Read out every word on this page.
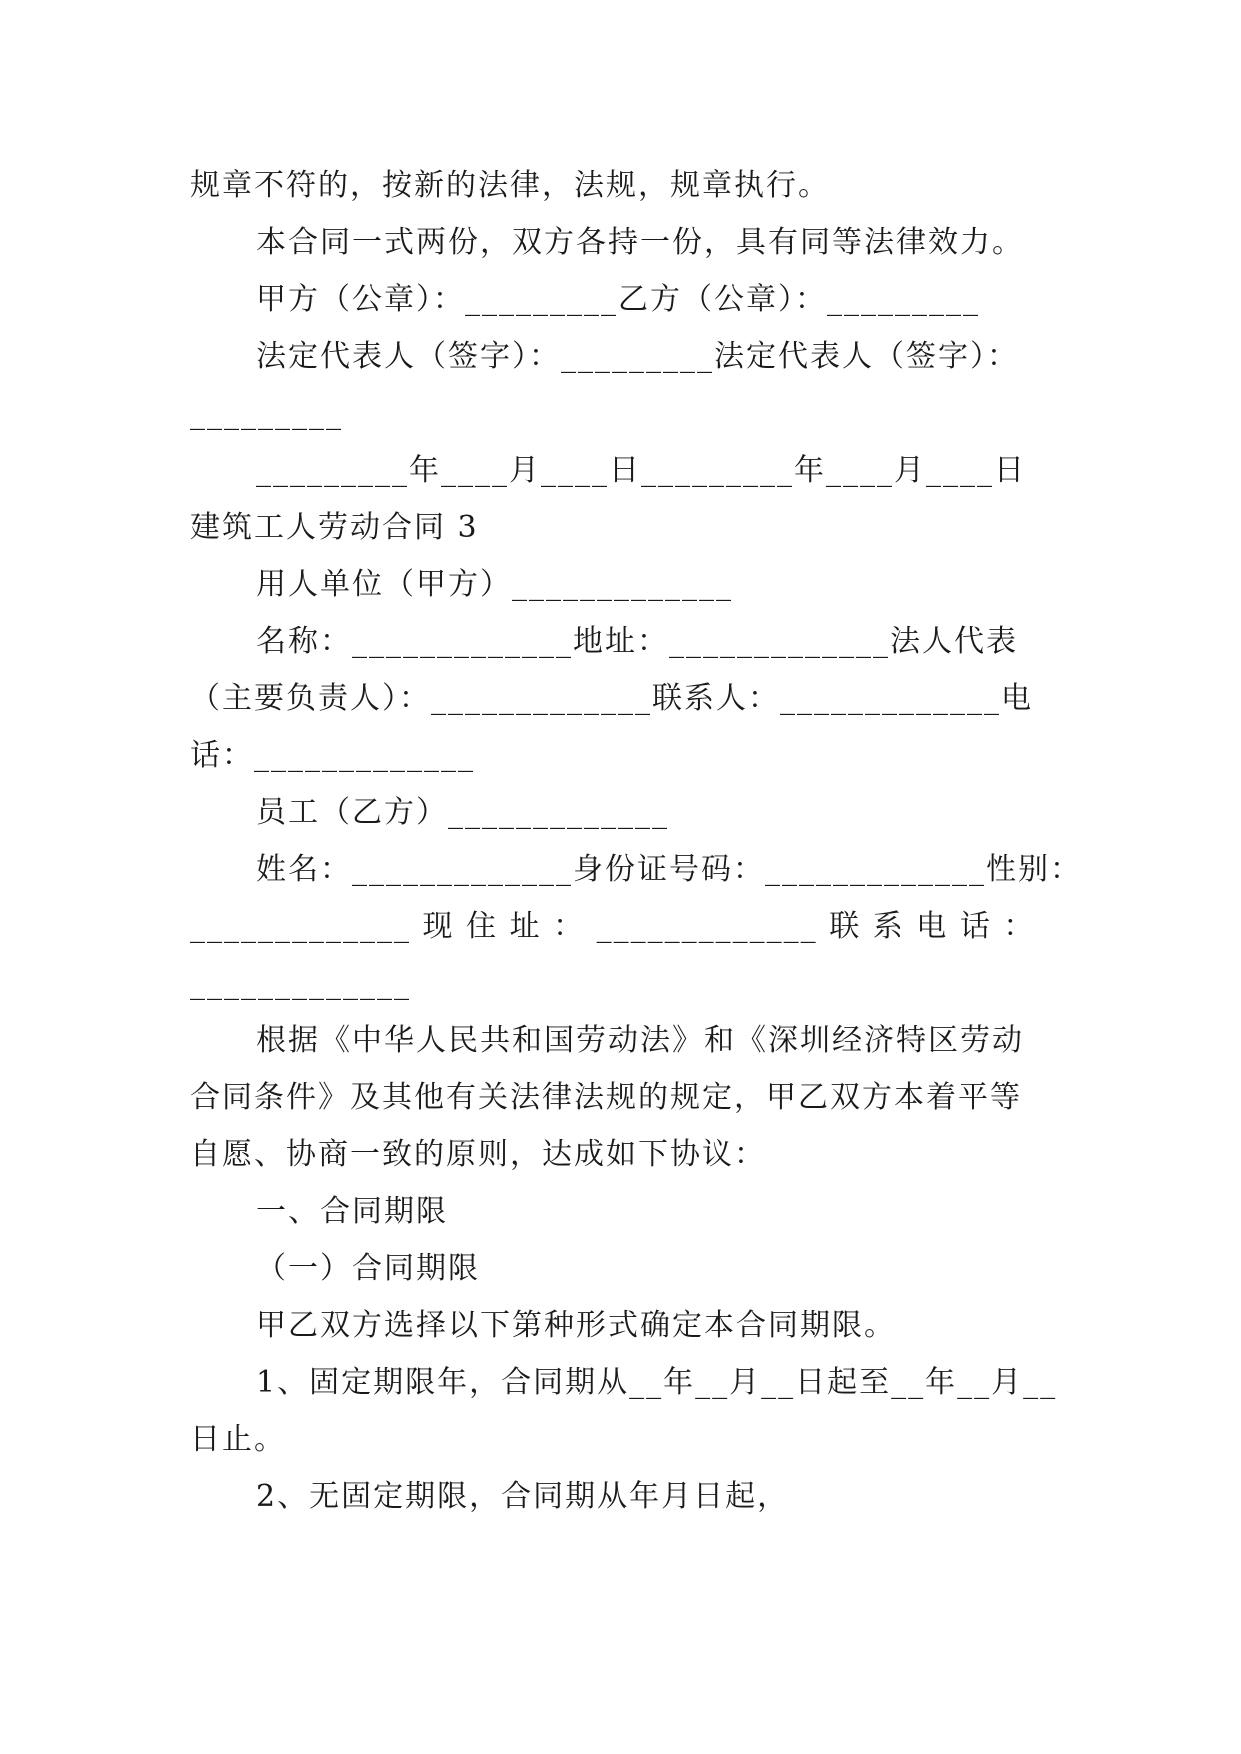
规章不符的，按新的法律，法规，规章执行。
本合同一式两份，双方各持一份，具有同等法律效力。
甲方（公章）：_________乙方（公章）：_________
法定代表人（签字）：_________法定代表人（签字）：
_________
_________年____月____日_________年____月____日
建筑工人劳动合同 3
用人单位（甲方）_____________
名称：_____________地址：_____________法人代表
（主要负责人）：_____________联系人：_____________电
话：_____________
员工（乙方）_____________
姓名：_____________身份证号码：_____________性别：
_____________ 现 住 址 ： _____________ 联 系 电 话 ：
_____________
根据《中华人民共和国劳动法》和《深圳经济特区劳动
合同条件》及其他有关法律法规的规定，甲乙双方本着平等
自愿、协商一致的原则，达成如下协议：
一、合同期限
（一）合同期限
甲乙双方选择以下第种形式确定本合同期限。
1、固定期限年，合同期从__年__月__日起至__年__月__
日止。
2、无固定期限，合同期从年月日起，
